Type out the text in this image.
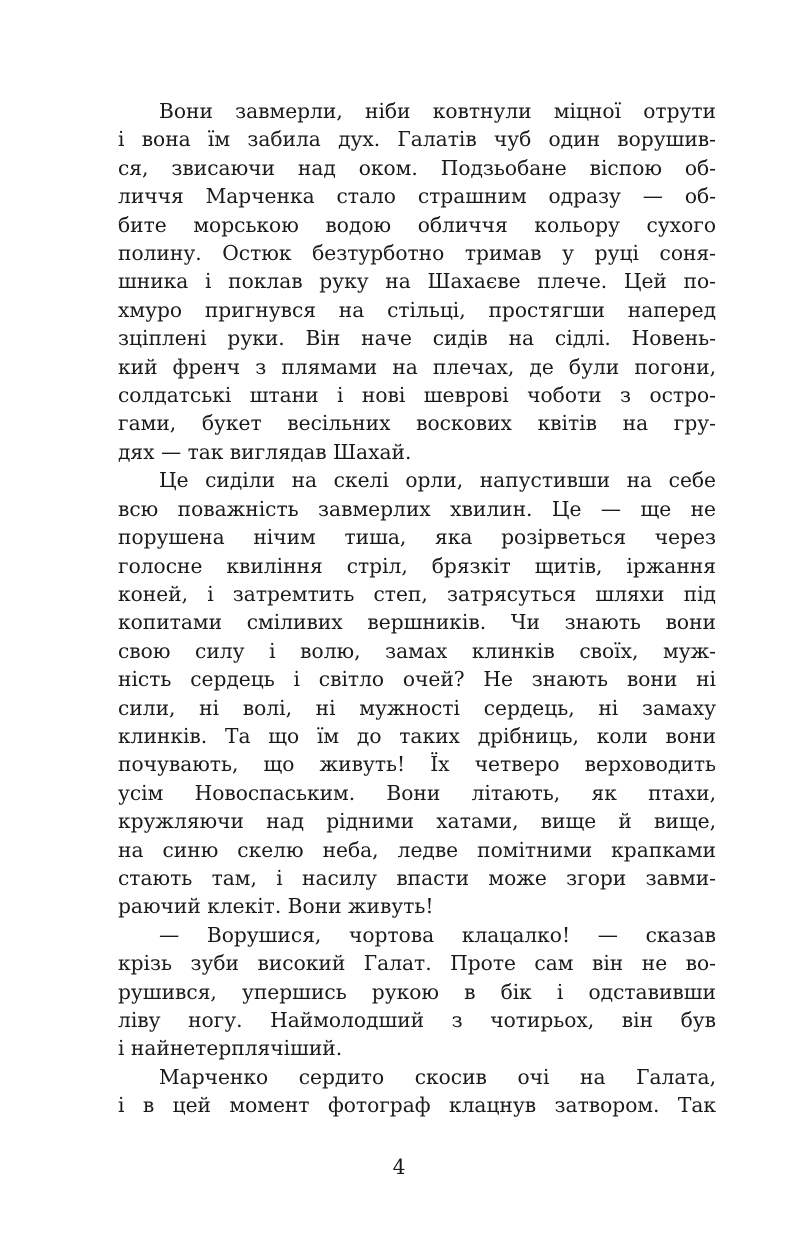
Вони завмерли, ніби ковтнули міцної отрути
і вона їм забила дух. Галатів чуб один ворушив-
ся, звисаючи над оком. Подзьобане віспою об-
личчя Марченка стало страшним одразу — об-
бите морською водою обличчя кольору сухого
полину. Остюк безтурботно тримав у руці соня-
шника і поклав руку на Шахаєве плече. Цей по-
хмуро пригнувся на стільці, простягши наперед
зціплені руки. Він наче сидів на сідлі. Новень-
кий френч з плямами на плечах, де були погони,
солдатські штани і нові шеврові чоботи з остро-
гами, букет весільних воскових квітів на гру-
дях — так виглядав Шахай.
Це сиділи на скелі орли, напустивши на себе
всю поважність завмерлих хвилин. Це — ще не
порушена нічим тиша, яка розірветься через
голосне квиління стріл, брязкіт щитів, іржання
коней, і затремтить степ, затрясуться шляхи під
копитами сміливих вершників. Чи знають вони
свою силу і волю, замах клинків своїх, муж-
ність сердець і світло очей? Не знають вони ні
сили, ні волі, ні мужності сердець, ні замаху
клинків. Та що їм до таких дрібниць, коли вони
почувають, що живуть! Їх четверо верховодить
усім Новоспаським. Вони літають, як птахи,
кружляючи над рідними хатами, вище й вище,
на синю скелю неба, ледве помітними крапками
стають там, і насилу впасти може згори завми-
раючий клекіт. Вони живуть!
— Ворушися, чортова клацалко! — сказав
крізь зуби високий Галат. Проте сам він не во-
рушився, упершись рукою в бік і одставивши
ліву ногу. Наймолодший з чотирьох, він був
і найнетерплячіший.
Марченко сердито скосив очі на Галата,
і в цей момент фотограф клацнув затвором. Так
4
